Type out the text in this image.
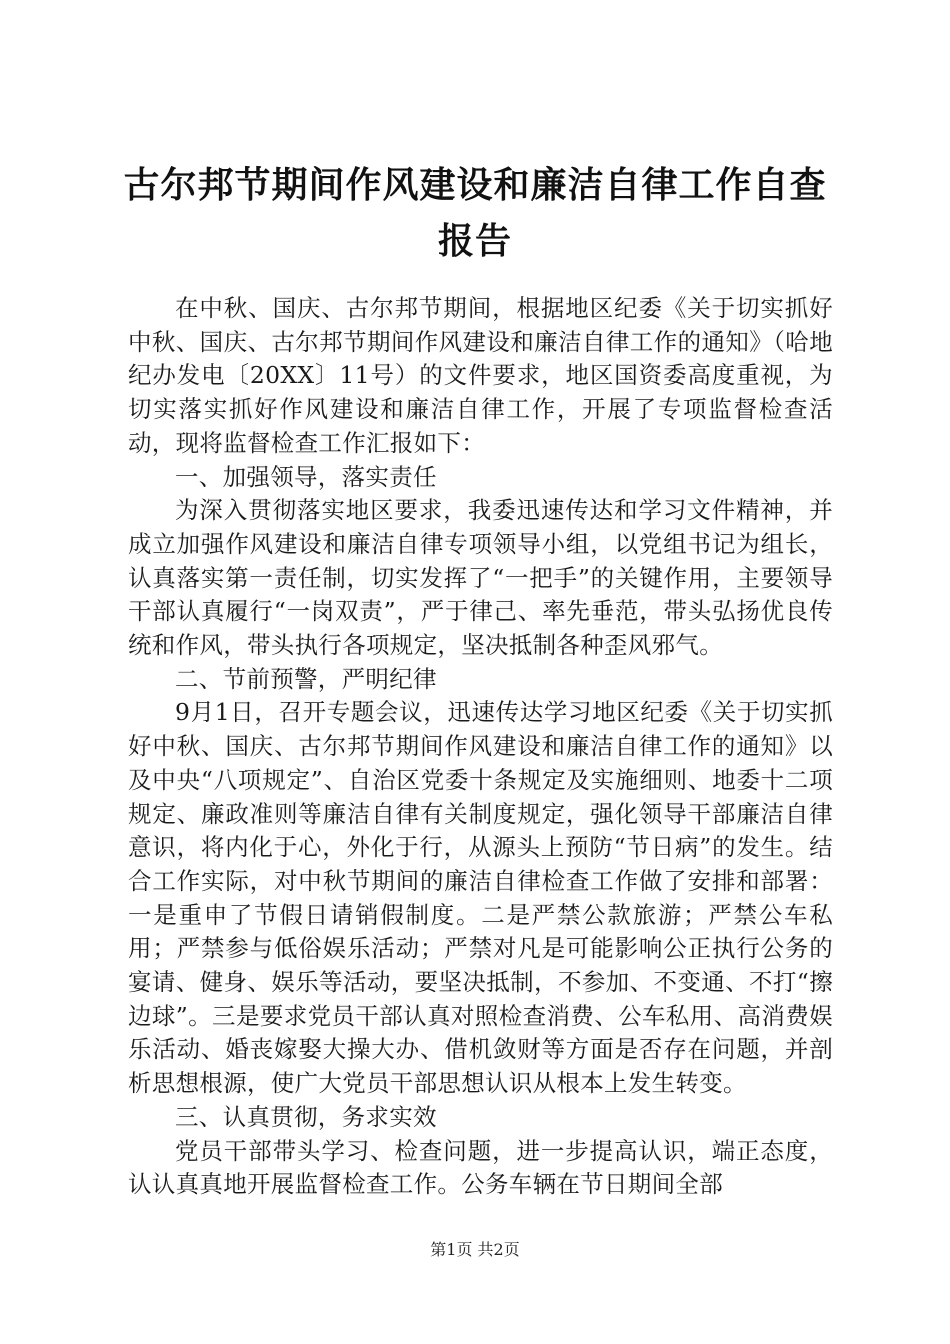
古尔邦节期间作风建设和廉洁自律工作自查报告

在中秋、国庆、古尔邦节期间，根据地区纪委《关于切实抓好中秋、国庆、古尔邦节期间作风建设和廉洁自律工作的通知》（哈地纪办发电〔20XX〕11号）的文件要求，地区国资委高度重视，为切实落实抓好作风建设和廉洁自律工作，开展了专项监督检查活动，现将监督检查工作汇报如下：

一、加强领导，落实责任

为深入贯彻落实地区要求，我委迅速传达和学习文件精神，并成立加强作风建设和廉洁自律专项领导小组，以党组书记为组长，认真落实第一责任制，切实发挥了“一把手”的关键作用，主要领导干部认真履行“一岗双责”，严于律己、率先垂范，带头弘扬优良传统和作风，带头执行各项规定，坚决抵制各种歪风邪气。

二、节前预警，严明纪律

9月1日，召开专题会议，迅速传达学习地区纪委《关于切实抓好中秋、国庆、古尔邦节期间作风建设和廉洁自律工作的通知》以及中央“八项规定”、自治区党委十条规定及实施细则、地委十二项规定、廉政准则等廉洁自律有关制度规定，强化领导干部廉洁自律意识，将内化于心，外化于行，从源头上预防“节日病”的发生。结合工作实际，对中秋节期间的廉洁自律检查工作做了安排和部署：一是重申了节假日请销假制度。二是严禁公款旅游；严禁公车私用；严禁参与低俗娱乐活动；严禁对凡是可能影响公正执行公务的宴请、健身、娱乐等活动，要坚决抵制，不参加、不变通、不打“擦边球”。三是要求党员干部认真对照检查消费、公车私用、高消费娱乐活动、婚丧嫁娶大操大办、借机敛财等方面是否存在问题，并剖析思想根源，使广大党员干部思想认识从根本上发生转变。

三、认真贯彻，务求实效

党员干部带头学习、检查问题，进一步提高认识，端正态度，认认真真地开展监督检查工作。公务车辆在节日期间全部

第1页 共2页
